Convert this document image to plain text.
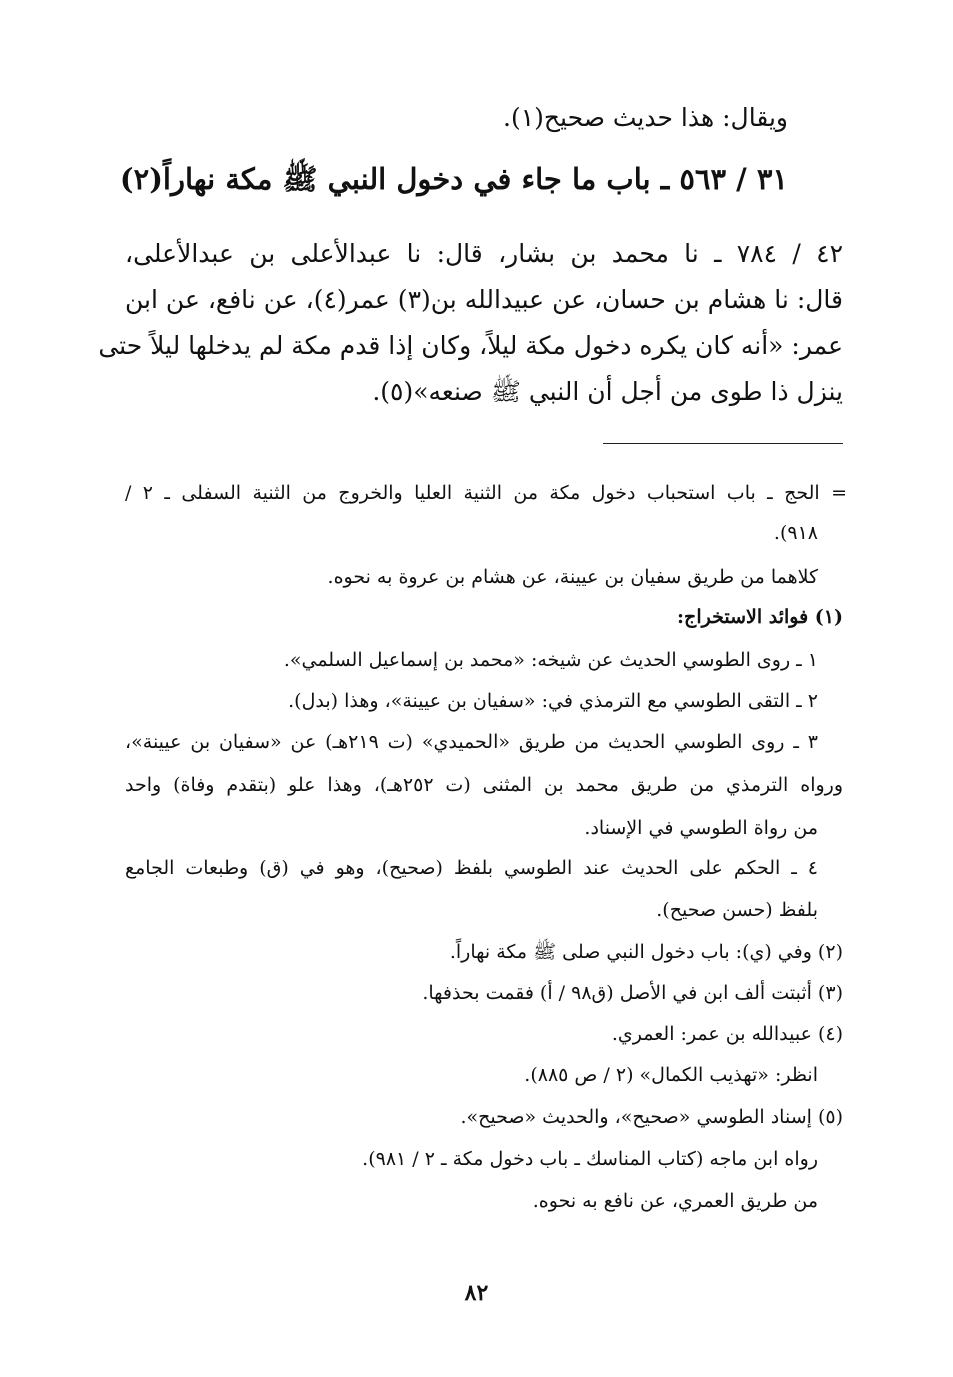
ويقال: هذا حديث صحيح(١).
٣١ / ٥٦٣ ـ باب ما جاء في دخول النبي ﷺ مكة نهاراً(٢)
٤٢ / ٧٨٤ ـ نا محمد بن بشار، قال: نا عبدالأعلى بن عبدالأعلى،
قال: نا هشام بن حسان، عن عبيدالله بن(٣) عمر(٤)، عن نافع، عن ابن
عمر: «أنه كان يكره دخول مكة ليلاً، وكان إذا قدم مكة لم يدخلها ليلاً حتى
ينزل ذا طوى من أجل أن النبي ﷺ صنعه»(٥).
= الحج ـ باب استحباب دخول مكة من الثنية العليا والخروج من الثنية السفلى ـ ٢ /
٩١٨).
كلاهما من طريق سفيان بن عيينة، عن هشام بن عروة به نحوه.
(١) فوائد الاستخراج:
١ ـ روى الطوسي الحديث عن شيخه: «محمد بن إسماعيل السلمي».
٢ ـ التقى الطوسي مع الترمذي في: «سفيان بن عيينة»، وهذا (بدل).
٣ ـ روى الطوسي الحديث من طريق «الحميدي» (ت ٢١٩هـ) عن «سفيان بن عيينة»،
ورواه الترمذي من طريق محمد بن المثنى (ت ٢٥٢هـ)، وهذا علو (بتقدم وفاة) واحد
من رواة الطوسي في الإسناد.
٤ ـ الحكم على الحديث عند الطوسي بلفظ (صحيح)، وهو في (ق) وطبعات الجامع
بلفظ (حسن صحيح).
(٢) وفي (ي): باب دخول النبي صلى ﷺ مكة نهاراً.
(٣) أثبتت ألف ابن في الأصل (ق٩٨ / أ) فقمت بحذفها.
(٤) عبيدالله بن عمر: العمري.
انظر: «تهذيب الكمال» (٢ / ص ٨٨٥).
(٥) إسناد الطوسي «صحيح»، والحديث «صحيح».
رواه ابن ماجه (كتاب المناسك ـ باب دخول مكة ـ ٢ / ٩٨١).
من طريق العمري، عن نافع به نحوه.
٨٢
